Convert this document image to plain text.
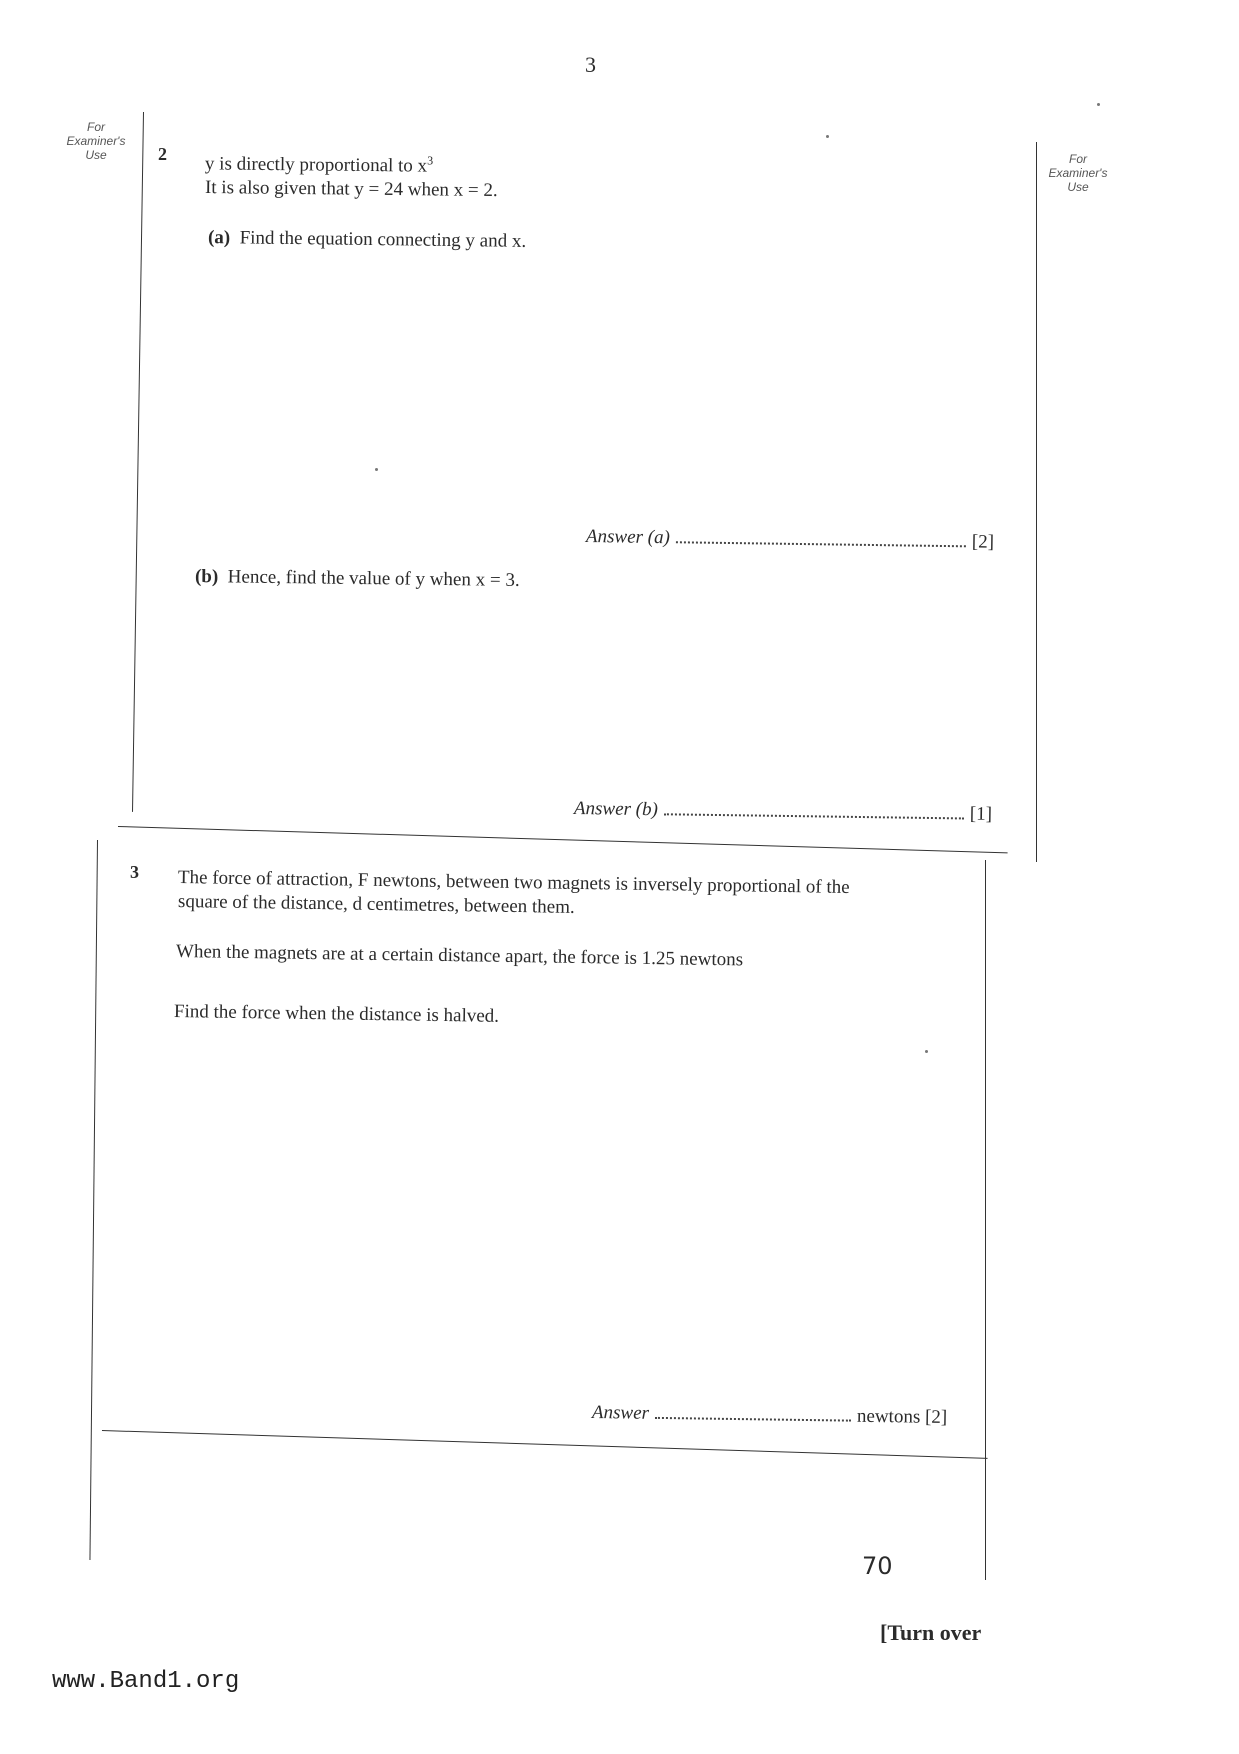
3
For Examiner's Use	For Examiner's Use
2 y is directly proportional to $x^3$
It is also given that y = 24 when x = 2.
(a) Find the equation connecting y and x.
Answer (a)	[2]
(b) Hence, find the value of y when x = 3.
Answer (b)	[1]
3 The force of attraction, F newtons, between two magnets is inversely proportional of the
square of the distance, d centimetres, between them.
When the magnets are at a certain distance apart, the force is 1.25 newtons
Find the force when the distance is halved.
Answer	newtons [2]
70
[Turn over
www.Band1.org
